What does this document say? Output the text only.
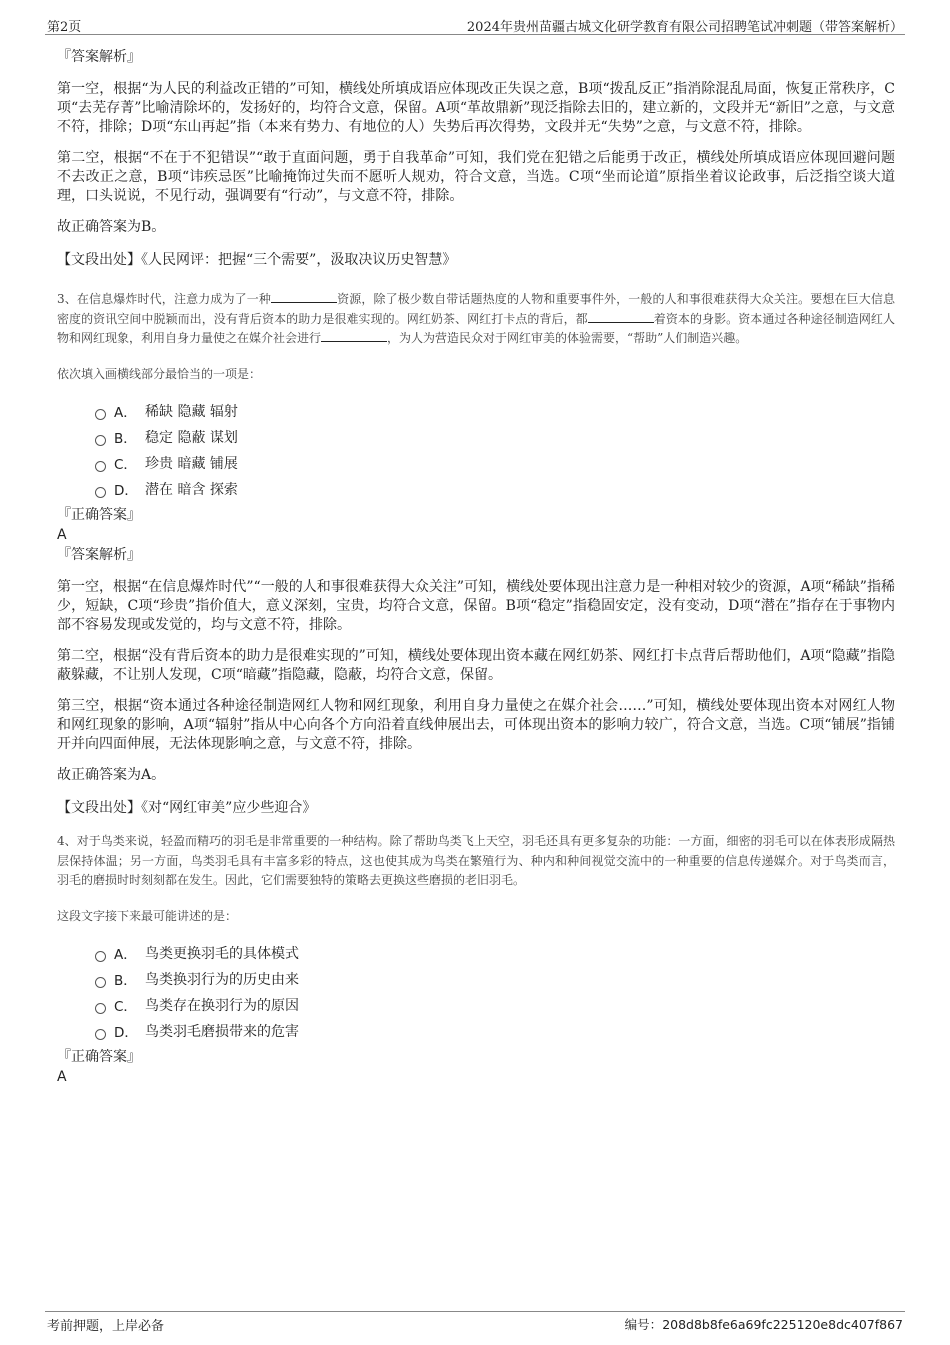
第2页	2024年贵州苗疆古城文化研学教育有限公司招聘笔试冲刺题（带答案解析）

『答案解析』

第一空，根据“为人民的利益改正错的”可知，横线处所填成语应体现改正失误之意，B项“拨乱反正”指消除混乱局面，恢复正常秩序，C项“去芜存菁”比喻清除坏的，发扬好的，均符合文意，保留。A项“革故鼎新”现泛指除去旧的，建立新的，文段并无“新旧”之意，与文意不符，排除；D项“东山再起”指（本来有势力、有地位的人）失势后再次得势，文段并无“失势”之意，与文意不符，排除。

第二空，根据“不在于不犯错误”“敢于直面问题，勇于自我革命”可知，我们党在犯错之后能勇于改正，横线处所填成语应体现回避问题不去改正之意，B项“讳疾忌医”比喻掩饰过失而不愿听人规劝，符合文意，当选。C项“坐而论道”原指坐着议论政事，后泛指空谈大道理，口头说说，不见行动，强调要有“行动”，与文意不符，排除。

故正确答案为B。

【文段出处】《人民网评：把握“三个需要”，汲取决议历史智慧》

3、在信息爆炸时代，注意力成为了一种	资源，除了极少数自带话题热度的人物和重要事件外，一般的人和事很难获得大众关注。要想在巨大信息密度的资讯空间中脱颖而出，没有背后资本的助力是很难实现的。网红奶茶、网红打卡点的背后，都	着资本的身影。资本通过各种途径制造网红人物和网红现象，利用自身力量使之在媒介社会进行	，为人为营造民众对于网红审美的体验需要，“帮助”人们制造兴趣。

依次填入画横线部分最恰当的一项是：

A． 稀缺 隐藏 辐射
B． 稳定 隐蔽 谋划
C． 珍贵 暗藏 铺展
D． 潜在 暗含 探索

『正确答案』

A

『答案解析』

第一空，根据“在信息爆炸时代”“一般的人和事很难获得大众关注”可知，横线处要体现出注意力是一种相对较少的资源，A项“稀缺”指稀少，短缺，C项“珍贵”指价值大，意义深刻，宝贵，均符合文意，保留。B项“稳定”指稳固安定，没有变动，D项“潜在”指存在于事物内部不容易发现或发觉的，均与文意不符，排除。

第二空，根据“没有背后资本的助力是很难实现的”可知，横线处要体现出资本藏在网红奶茶、网红打卡点背后帮助他们，A项“隐藏”指隐蔽躲藏，不让别人发现，C项“暗藏”指隐藏，隐蔽，均符合文意，保留。

第三空，根据“资本通过各种途径制造网红人物和网红现象，利用自身力量使之在媒介社会……”可知，横线处要体现出资本对网红人物和网红现象的影响，A项“辐射”指从中心向各个方向沿着直线伸展出去，可体现出资本的影响力较广，符合文意，当选。C项“铺展”指铺开并向四面伸展，无法体现影响之意，与文意不符，排除。

故正确答案为A。

【文段出处】《对“网红审美”应少些迎合》

4、对于鸟类来说，轻盈而精巧的羽毛是非常重要的一种结构。除了帮助鸟类飞上天空，羽毛还具有更多复杂的功能：一方面，细密的羽毛可以在体表形成隔热层保持体温；另一方面，鸟类羽毛具有丰富多彩的特点，这也使其成为鸟类在繁殖行为、种内和种间视觉交流中的一种重要的信息传递媒介。对于鸟类而言，羽毛的磨损时时刻刻都在发生。因此，它们需要独特的策略去更换这些磨损的老旧羽毛。

这段文字接下来最可能讲述的是：

A． 鸟类更换羽毛的具体模式
B． 鸟类换羽行为的历史由来
C． 鸟类存在换羽行为的原因
D． 鸟类羽毛磨损带来的危害

『正确答案』

A

考前押题，上岸必备	编号：208d8b8fe6a69fc225120e8dc407f867
